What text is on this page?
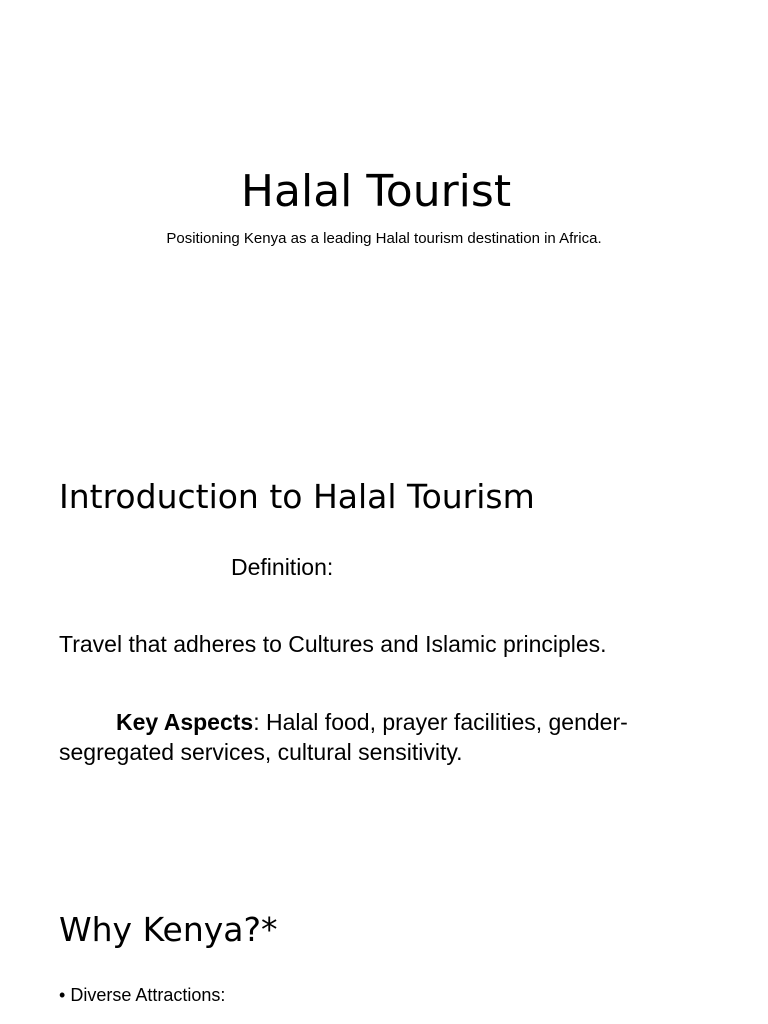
Halal Tourist

Positioning Kenya as a leading Halal tourism destination in Africa.

Introduction to Halal Tourism

Definition:

Travel that adheres to Cultures and Islamic principles.

Key Aspects: Halal food, prayer facilities, gender-segregated services, cultural sensitivity.

Why Kenya?*

• Diverse Attractions:
